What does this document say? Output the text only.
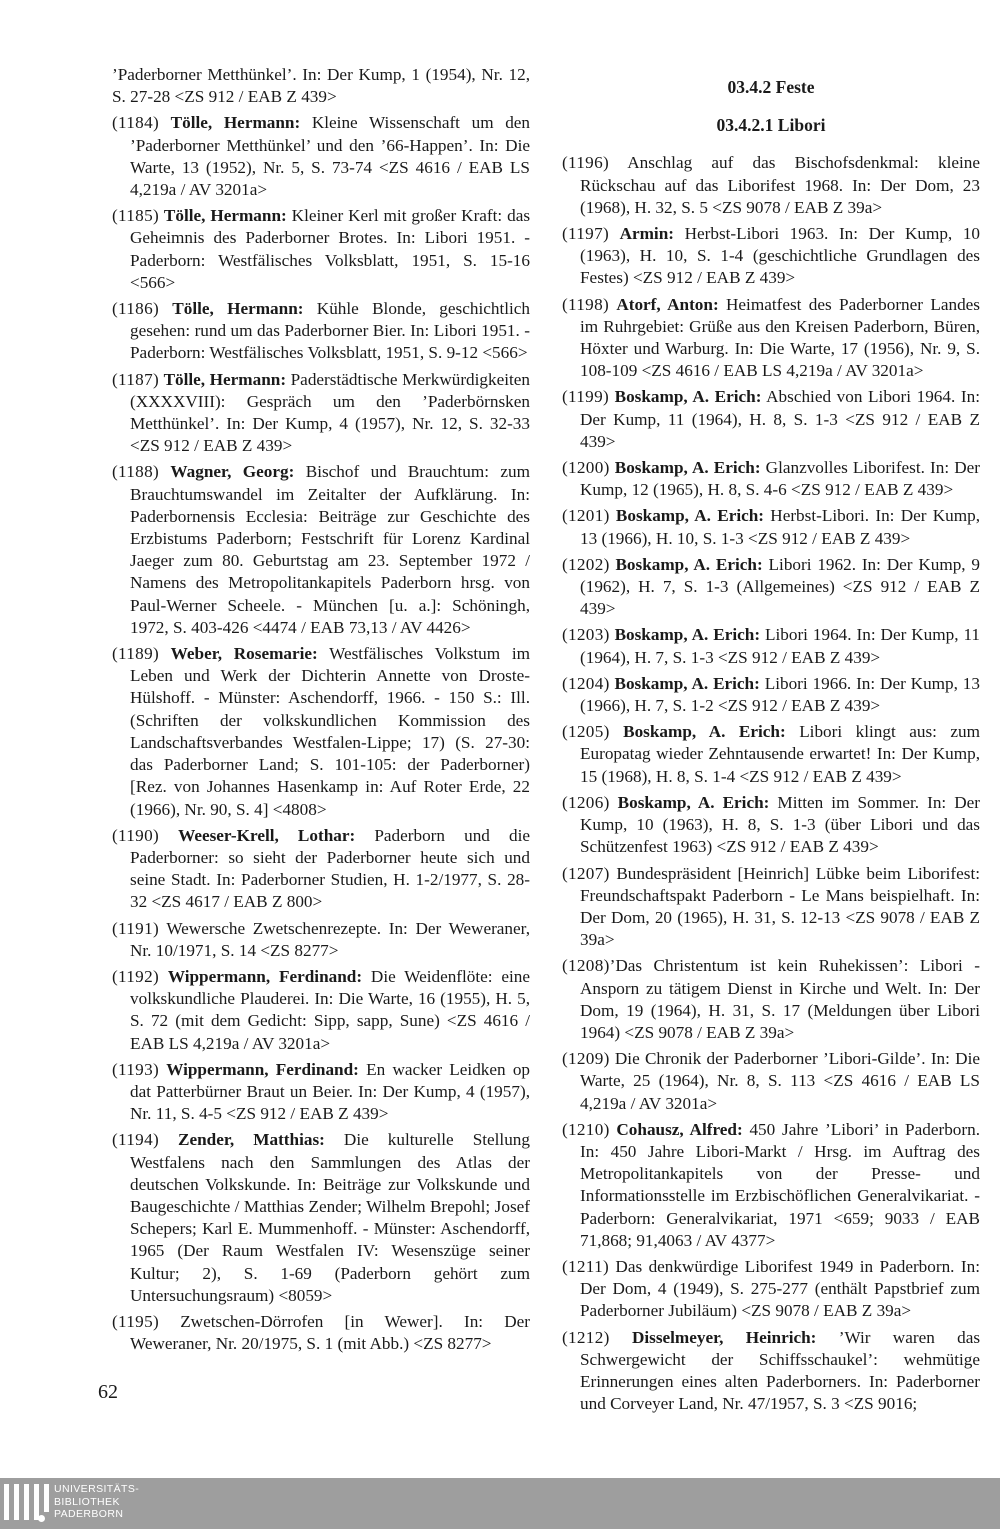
’Paderborner Metthünkel’. In: Der Kump, 1 (1954), Nr. 12, S. 27-28 <ZS 912 / EAB Z 439>

(1184) Tölle, Hermann: Kleine Wissenschaft um den ’Paderborner Metthünkel’ und den ’66-Happen’. In: Die Warte, 13 (1952), Nr. 5, S. 73-74 <ZS 4616 / EAB LS 4,219a / AV 3201a>

(1185) Tölle, Hermann: Kleiner Kerl mit großer Kraft: das Geheimnis des Paderborner Brotes. In: Libori 1951. - Paderborn: Westfälisches Volksblatt, 1951, S. 15-16 <566>

(1186) Tölle, Hermann: Kühle Blonde, geschichtlich gesehen: rund um das Paderborner Bier. In: Libori 1951. - Paderborn: Westfälisches Volksblatt, 1951, S. 9-12 <566>

(1187) Tölle, Hermann: Paderstädtische Merkwürdigkeiten (XXXXVIII): Gespräch um den ’Paderbörnsken Metthünkel’. In: Der Kump, 4 (1957), Nr. 12, S. 32-33 <ZS 912 / EAB Z 439>

(1188) Wagner, Georg: Bischof und Brauchtum: zum Brauchtumswandel im Zeitalter der Aufklärung. In: Paderbornensis Ecclesia: Beiträge zur Geschichte des Erzbistums Paderborn; Festschrift für Lorenz Kardinal Jaeger zum 80. Geburtstag am 23. September 1972 / Namens des Metropolitankapitels Paderborn hrsg. von Paul-Werner Scheele. - München [u. a.]: Schöningh, 1972, S. 403-426 <4474 / EAB 73,13 / AV 4426>

(1189) Weber, Rosemarie: Westfälisches Volkstum im Leben und Werk der Dichterin Annette von Droste-Hülshoff. - Münster: Aschendorff, 1966. - 150 S.: Ill. (Schriften der volkskundlichen Kommission des Landschaftsverbandes Westfalen-Lippe; 17) (S. 27-30: das Paderborner Land; S. 101-105: der Paderborner) [Rez. von Johannes Hasenkamp in: Auf Roter Erde, 22 (1966), Nr. 90, S. 4] <4808>

(1190) Weeser-Krell, Lothar: Paderborn und die Paderborner: so sieht der Paderborner heute sich und seine Stadt. In: Paderborner Studien, H. 1-2/1977, S. 28-32 <ZS 4617 / EAB Z 800>

(1191) Wewersche Zwetschenrezepte. In: Der Weweraner, Nr. 10/1971, S. 14 <ZS 8277>

(1192) Wippermann, Ferdinand: Die Weidenflöte: eine volkskundliche Plauderei. In: Die Warte, 16 (1955), H. 5, S. 72 (mit dem Gedicht: Sipp, sapp, Sune) <ZS 4616 / EAB LS 4,219a / AV 3201a>

(1193) Wippermann, Ferdinand: En wacker Leidken op dat Patterbürner Braut un Beier. In: Der Kump, 4 (1957), Nr. 11, S. 4-5 <ZS 912 / EAB Z 439>

(1194) Zender, Matthias: Die kulturelle Stellung Westfalens nach den Sammlungen des Atlas der deutschen Volkskunde. In: Beiträge zur Volkskunde und Baugeschichte / Matthias Zender; Wilhelm Brepohl; Josef Schepers; Karl E. Mummenhoff. - Münster: Aschendorff, 1965 (Der Raum Westfalen IV: Wesenszüge seiner Kultur; 2), S. 1-69 (Paderborn gehört zum Untersuchungsraum) <8059>

(1195) Zwetschen-Dörrofen [in Wewer]. In: Der Weweraner, Nr. 20/1975, S. 1 (mit Abb.) <ZS 8277>

03.4.2 Feste
03.4.2.1 Libori

(1196) Anschlag auf das Bischofsdenkmal: kleine Rückschau auf das Liborifest 1968. In: Der Dom, 23 (1968), H. 32, S. 5 <ZS 9078 / EAB Z 39a>

(1197) Armin: Herbst-Libori 1963. In: Der Kump, 10 (1963), H. 10, S. 1-4 (geschichtliche Grundlagen des Festes) <ZS 912 / EAB Z 439>

(1198) Atorf, Anton: Heimatfest des Paderborner Landes im Ruhrgebiet: Grüße aus den Kreisen Paderborn, Büren, Höxter und Warburg. In: Die Warte, 17 (1956), Nr. 9, S. 108-109 <ZS 4616 / EAB LS 4,219a / AV 3201a>

(1199) Boskamp, A. Erich: Abschied von Libori 1964. In: Der Kump, 11 (1964), H. 8, S. 1-3 <ZS 912 / EAB Z 439>

(1200) Boskamp, A. Erich: Glanzvolles Liborifest. In: Der Kump, 12 (1965), H. 8, S. 4-6 <ZS 912 / EAB Z 439>

(1201) Boskamp, A. Erich: Herbst-Libori. In: Der Kump, 13 (1966), H. 10, S. 1-3 <ZS 912 / EAB Z 439>

(1202) Boskamp, A. Erich: Libori 1962. In: Der Kump, 9 (1962), H. 7, S. 1-3 (Allgemeines) <ZS 912 / EAB Z 439>

(1203) Boskamp, A. Erich: Libori 1964. In: Der Kump, 11 (1964), H. 7, S. 1-3 <ZS 912 / EAB Z 439>

(1204) Boskamp, A. Erich: Libori 1966. In: Der Kump, 13 (1966), H. 7, S. 1-2 <ZS 912 / EAB Z 439>

(1205) Boskamp, A. Erich: Libori klingt aus: zum Europatag wieder Zehntausende erwartet! In: Der Kump, 15 (1968), H. 8, S. 1-4 <ZS 912 / EAB Z 439>

(1206) Boskamp, A. Erich: Mitten im Sommer. In: Der Kump, 10 (1963), H. 8, S. 1-3 (über Libori und das Schützenfest 1963) <ZS 912 / EAB Z 439>

(1207) Bundespräsident [Heinrich] Lübke beim Liborifest: Freundschaftspakt Paderborn - Le Mans beispielhaft. In: Der Dom, 20 (1965), H. 31, S. 12-13 <ZS 9078 / EAB Z 39a>

(1208)’Das Christentum ist kein Ruhekissen’: Libori - Ansporn zu tätigem Dienst in Kirche und Welt. In: Der Dom, 19 (1964), H. 31, S. 17 (Meldungen über Libori 1964) <ZS 9078 / EAB Z 39a>

(1209) Die Chronik der Paderborner ’Libori-Gilde’. In: Die Warte, 25 (1964), Nr. 8, S. 113 <ZS 4616 / EAB LS 4,219a / AV 3201a>

(1210) Cohausz, Alfred: 450 Jahre ’Libori’ in Paderborn. In: 450 Jahre Libori-Markt / Hrsg. im Auftrag des Metropolitankapitels von der Presse- und Informationsstelle im Erzbischöflichen Generalvikariat. - Paderborn: Generalvikariat, 1971 <659; 9033 / EAB 71,868; 91,4063 / AV 4377>

(1211) Das denkwürdige Liborifest 1949 in Paderborn. In: Der Dom, 4 (1949), S. 275-277 (enthält Papstbrief zum Paderborner Jubiläum) <ZS 9078 / EAB Z 39a>

(1212) Disselmeyer, Heinrich: ’Wir waren das Schwergewicht der Schiffsschaukel’: wehmütige Erinnerungen eines alten Paderborners. In: Paderborner und Corveyer Land, Nr. 47/1957, S. 3 <ZS 9016;

62
UNIVERSITÄTS-
BIBLIOTHEK
PADERBORN
